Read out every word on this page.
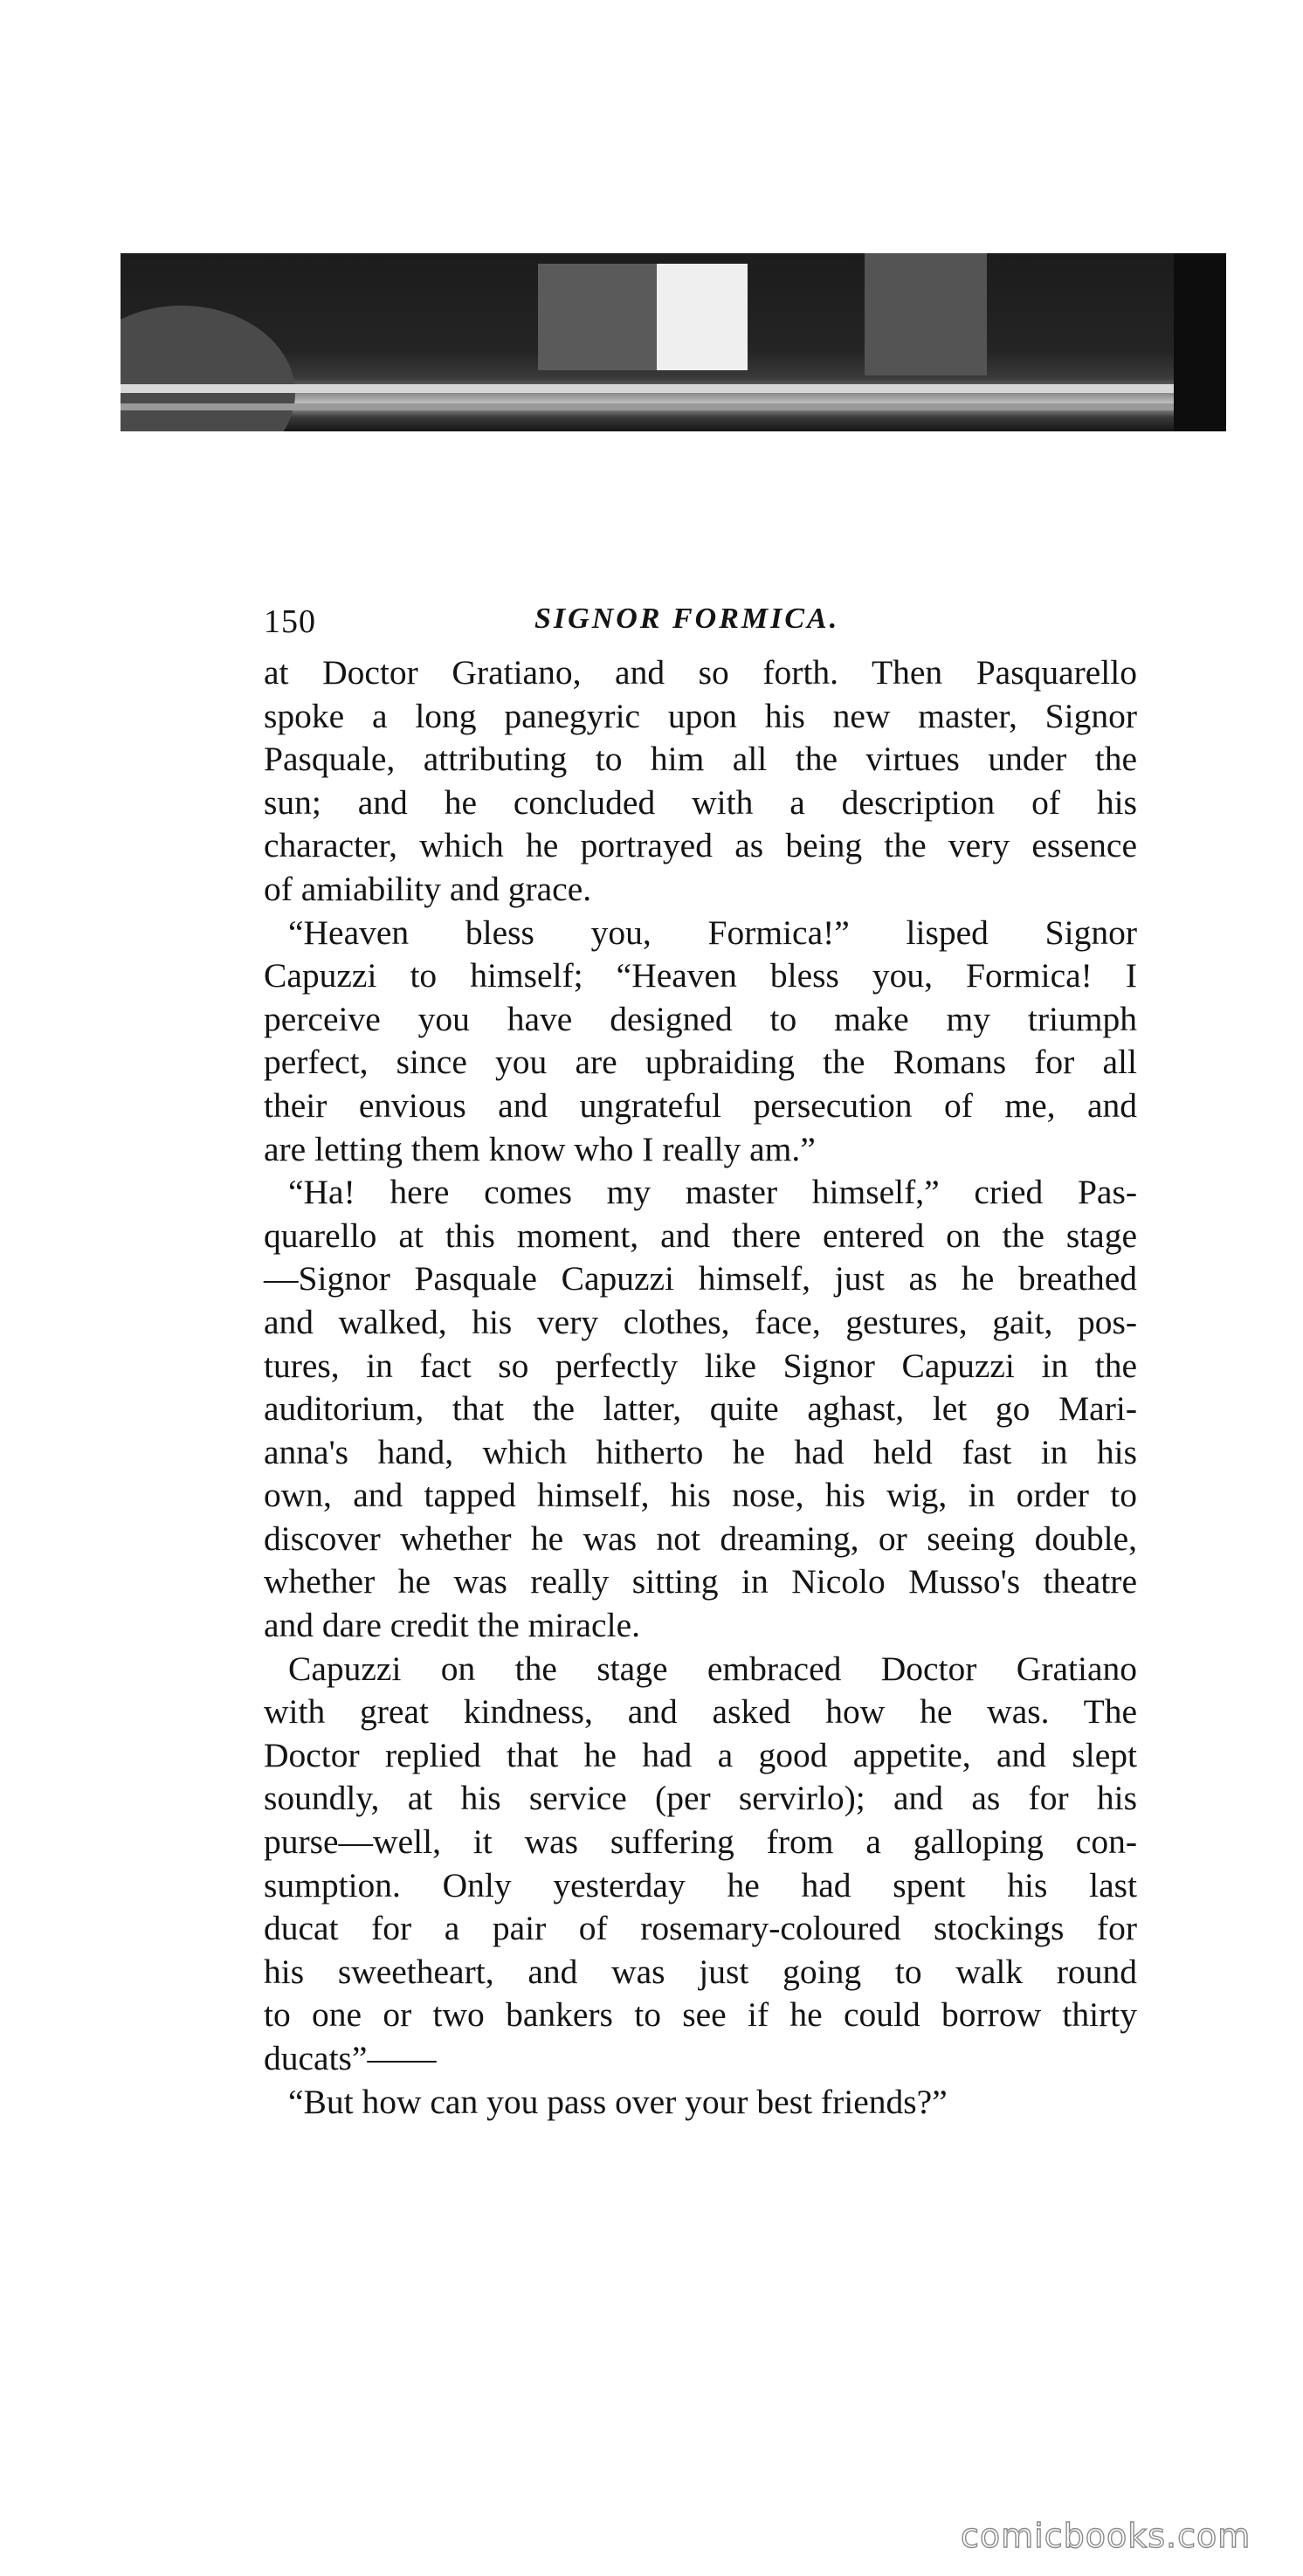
150	SIGNOR FORMICA.

at Doctor Gratiano, and so forth. Then Pasquarello
spoke a long panegyric upon his new master, Signor
Pasquale, attributing to him all the virtues under the
sun; and he concluded with a description of his
character, which he portrayed as being the very essence
of amiability and grace.

“Heaven bless you, Formica!” lisped Signor
Capuzzi to himself; “Heaven bless you, Formica! I
perceive you have designed to make my triumph
perfect, since you are upbraiding the Romans for all
their envious and ungrateful persecution of me, and
are letting them know who I really am.”

“Ha! here comes my master himself,” cried Pas-
quarello at this moment, and there entered on the stage
—Signor Pasquale Capuzzi himself, just as he breathed
and walked, his very clothes, face, gestures, gait, pos-
tures, in fact so perfectly like Signor Capuzzi in the
auditorium, that the latter, quite aghast, let go Mari-
anna's hand, which hitherto he had held fast in his
own, and tapped himself, his nose, his wig, in order to
discover whether he was not dreaming, or seeing double,
whether he was really sitting in Nicolo Musso's theatre
and dare credit the miracle.

Capuzzi on the stage embraced Doctor Gratiano
with great kindness, and asked how he was. The
Doctor replied that he had a good appetite, and slept
soundly, at his service (per servirlo); and as for his
purse—well, it was suffering from a galloping con-
sumption. Only yesterday he had spent his last
ducat for a pair of rosemary-coloured stockings for
his sweetheart, and was just going to walk round
to one or two bankers to see if he could borrow thirty
ducats”——

“But how can you pass over your best friends?”

comicbooks.com
